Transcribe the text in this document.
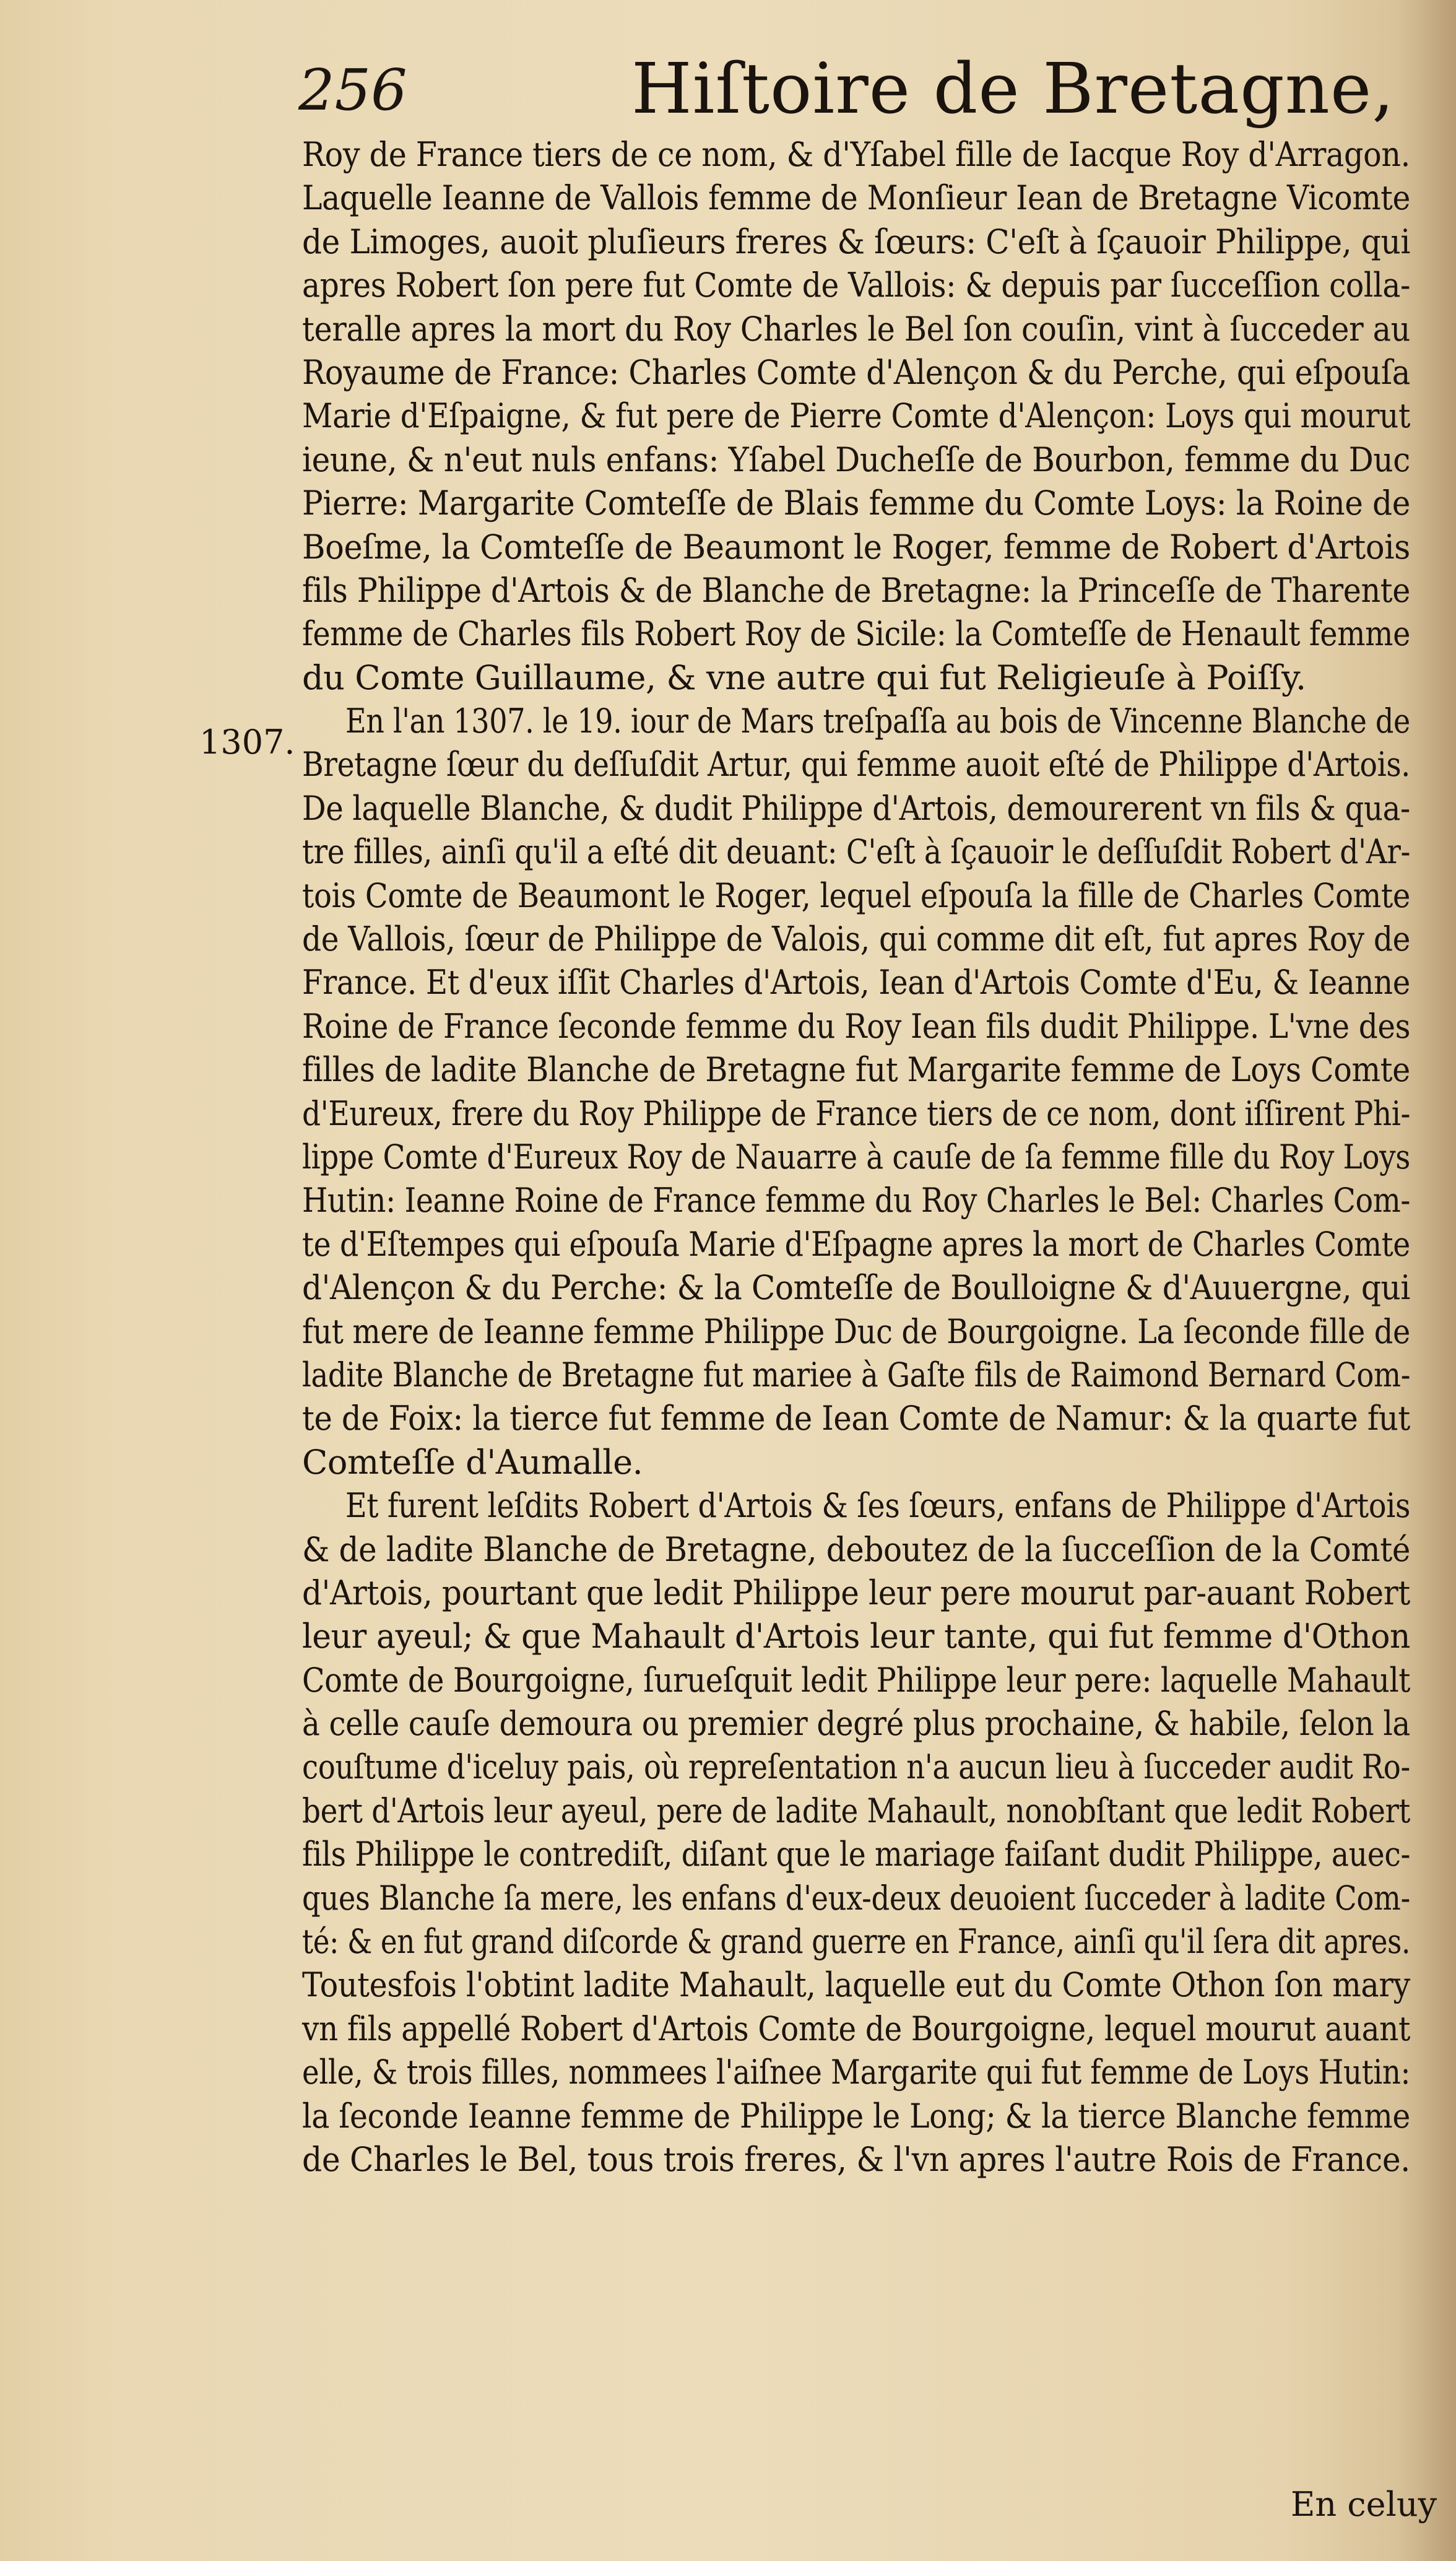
256	Hiſtoire de Bretagne,

1307.

Roy de France tiers de ce nom, & d'Yſabel fille de Iacque Roy d'Arragon.
Laquelle Ieanne de Vallois femme de Monſieur Iean de Bretagne Vicomte
de Limoges, auoit pluſieurs freres & ſœurs: C'eſt à ſçauoir Philippe, qui
apres Robert ſon pere fut Comte de Vallois: & depuis par ſucceſſion colla-
teralle apres la mort du Roy Charles le Bel ſon couſin, vint à ſucceder au
Royaume de France: Charles Comte d'Alençon & du Perche, qui eſpouſa
Marie d'Eſpaigne, & fut pere de Pierre Comte d'Alençon: Loys qui mourut
ieune, & n'eut nuls enfans: Yſabel Ducheſſe de Bourbon, femme du Duc
Pierre: Margarite Comteſſe de Blais femme du Comte Loys: la Roine de
Boeſme, la Comteſſe de Beaumont le Roger, femme de Robert d'Artois
fils Philippe d'Artois & de Blanche de Bretagne: la Princeſſe de Tharente
femme de Charles fils Robert Roy de Sicile: la Comteſſe de Henault femme
du Comte Guillaume, & vne autre qui fut Religieuſe à Poiſſy.
En l'an 1307. le 19. iour de Mars treſpaſſa au bois de Vincenne Blanche de
Bretagne ſœur du deſſuſdit Artur, qui femme auoit eſté de Philippe d'Artois.
De laquelle Blanche, & dudit Philippe d'Artois, demourerent vn fils & qua-
tre filles, ainſi qu'il a eſté dit deuant: C'eſt à ſçauoir le deſſuſdit Robert d'Ar-
tois Comte de Beaumont le Roger, lequel eſpouſa la fille de Charles Comte
de Vallois, ſœur de Philippe de Valois, qui comme dit eſt, fut apres Roy de
France. Et d'eux iſſit Charles d'Artois, Iean d'Artois Comte d'Eu, & Ieanne
Roine de France ſeconde femme du Roy Iean fils dudit Philippe. L'vne des
filles de ladite Blanche de Bretagne fut Margarite femme de Loys Comte
d'Eureux, frere du Roy Philippe de France tiers de ce nom, dont iſſirent Phi-
lippe Comte d'Eureux Roy de Nauarre à cauſe de ſa femme fille du Roy Loys
Hutin: Ieanne Roine de France femme du Roy Charles le Bel: Charles Com-
te d'Eſtempes qui eſpouſa Marie d'Eſpagne apres la mort de Charles Comte
d'Alençon & du Perche: & la Comteſſe de Boulloigne & d'Auuergne, qui
fut mere de Ieanne femme Philippe Duc de Bourgoigne. La ſeconde fille de
ladite Blanche de Bretagne fut mariee à Gaſte fils de Raimond Bernard Com-
te de Foix: la tierce fut femme de Iean Comte de Namur: & la quarte fut
Comteſſe d'Aumalle.
Et furent leſdits Robert d'Artois & ſes ſœurs, enfans de Philippe d'Artois
& de ladite Blanche de Bretagne, deboutez de la ſucceſſion de la Comté
d'Artois, pourtant que ledit Philippe leur pere mourut par-auant Robert
leur ayeul; & que Mahault d'Artois leur tante, qui fut femme d'Othon
Comte de Bourgoigne, ſurueſquit ledit Philippe leur pere: laquelle Mahault
à celle cauſe demoura ou premier degré plus prochaine, & habile, ſelon la
couſtume d'iceluy pais, où repreſentation n'a aucun lieu à ſucceder audit Ro-
bert d'Artois leur ayeul, pere de ladite Mahault, nonobſtant que ledit Robert
fils Philippe le contrediſt, diſant que le mariage faiſant dudit Philippe, auec-
ques Blanche ſa mere, les enfans d'eux-deux deuoient ſucceder à ladite Com-
té: & en fut grand diſcorde & grand guerre en France, ainſi qu'il ſera dit apres.
Toutesfois l'obtint ladite Mahault, laquelle eut du Comte Othon ſon mary
vn fils appellé Robert d'Artois Comte de Bourgoigne, lequel mourut auant
elle, & trois filles, nommees l'aiſnee Margarite qui fut femme de Loys Hutin:
la ſeconde Ieanne femme de Philippe le Long; & la tierce Blanche femme
de Charles le Bel, tous trois freres, & l'vn apres l'autre Rois de France.

En celuy
